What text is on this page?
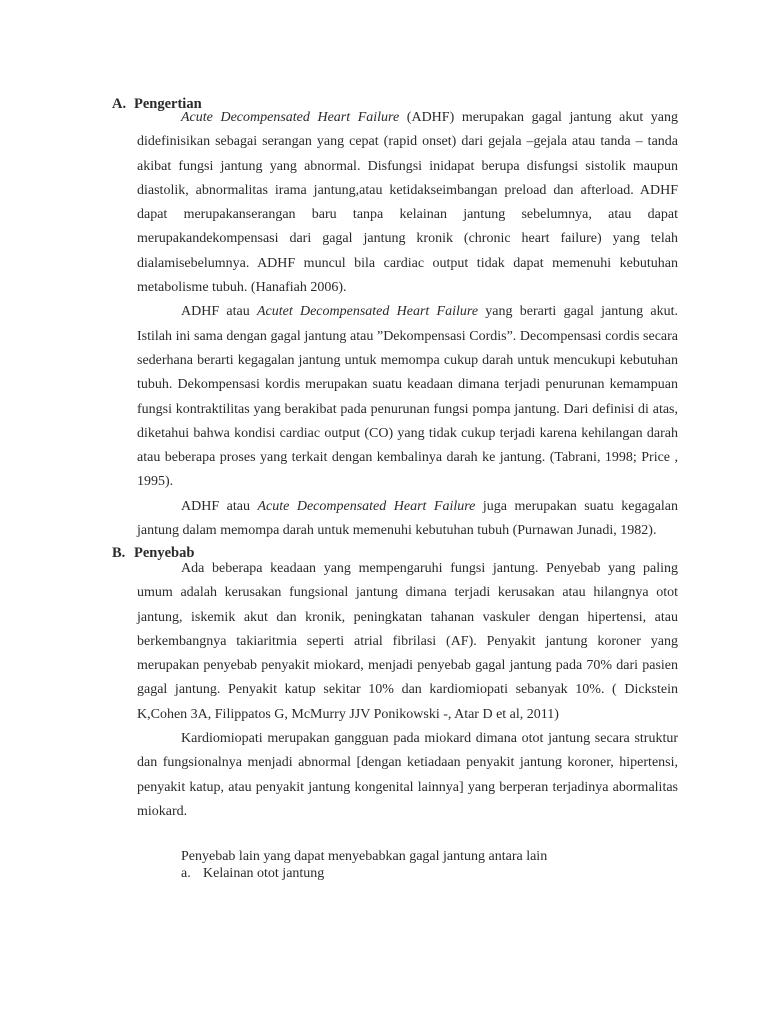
A. Pengertian

Acute Decompensated Heart Failure (ADHF) merupakan gagal jantung akut yang didefinisikan sebagai serangan yang cepat (rapid onset) dari gejala –gejala atau tanda – tanda akibat fungsi jantung yang abnormal. Disfungsi inidapat berupa disfungsi sistolik maupun diastolik, abnormalitas irama jantung,atau ketidakseimbangan preload dan afterload. ADHF dapat merupakanserangan baru tanpa kelainan jantung sebelumnya, atau dapat merupakandekompensasi dari gagal jantung kronik (chronic heart failure) yang telah dialamisebelumnya. ADHF muncul bila cardiac output tidak dapat memenuhi kebutuhan metabolisme tubuh. (Hanafiah 2006).

ADHF atau Acutet Decompensated Heart Failure yang berarti gagal jantung akut. Istilah ini sama dengan gagal jantung atau ”Dekompensasi Cordis”. Decompensasi cordis secara sederhana berarti kegagalan jantung untuk memompa cukup darah untuk mencukupi kebutuhan tubuh. Dekompensasi kordis merupakan suatu keadaan dimana terjadi penurunan kemampuan fungsi kontraktilitas yang berakibat pada penurunan fungsi pompa jantung. Dari definisi di atas, diketahui bahwa kondisi cardiac output (CO) yang tidak cukup terjadi karena kehilangan darah atau beberapa proses yang terkait dengan kembalinya darah ke jantung. (Tabrani, 1998; Price , 1995).

ADHF atau Acute Decompensated Heart Failure juga merupakan suatu kegagalan jantung dalam memompa darah untuk memenuhi kebutuhan tubuh (Purnawan Junadi, 1982).

B. Penyebab

Ada beberapa keadaan yang mempengaruhi fungsi jantung. Penyebab yang paling umum adalah kerusakan fungsional jantung dimana terjadi kerusakan atau hilangnya otot jantung, iskemik akut dan kronik, peningkatan tahanan vaskuler dengan hipertensi, atau berkembangnya takiaritmia seperti atrial fibrilasi (AF). Penyakit jantung koroner yang merupakan penyebab penyakit miokard, menjadi penyebab gagal jantung pada 70% dari pasien gagal jantung. Penyakit katup sekitar 10% dan kardiomiopati sebanyak 10%. ( Dickstein K,Cohen 3A, Filippatos G, McMurry JJV Ponikowski -, Atar D et al, 2011)

Kardiomiopati merupakan gangguan pada miokard dimana otot jantung secara struktur dan fungsionalnya menjadi abnormal [dengan ketiadaan penyakit jantung koroner, hipertensi, penyakit katup, atau penyakit jantung kongenital lainnya] yang berperan terjadinya abormalitas miokard.

Penyebab lain yang dapat menyebabkan gagal jantung antara lain
a. Kelainan otot jantung
